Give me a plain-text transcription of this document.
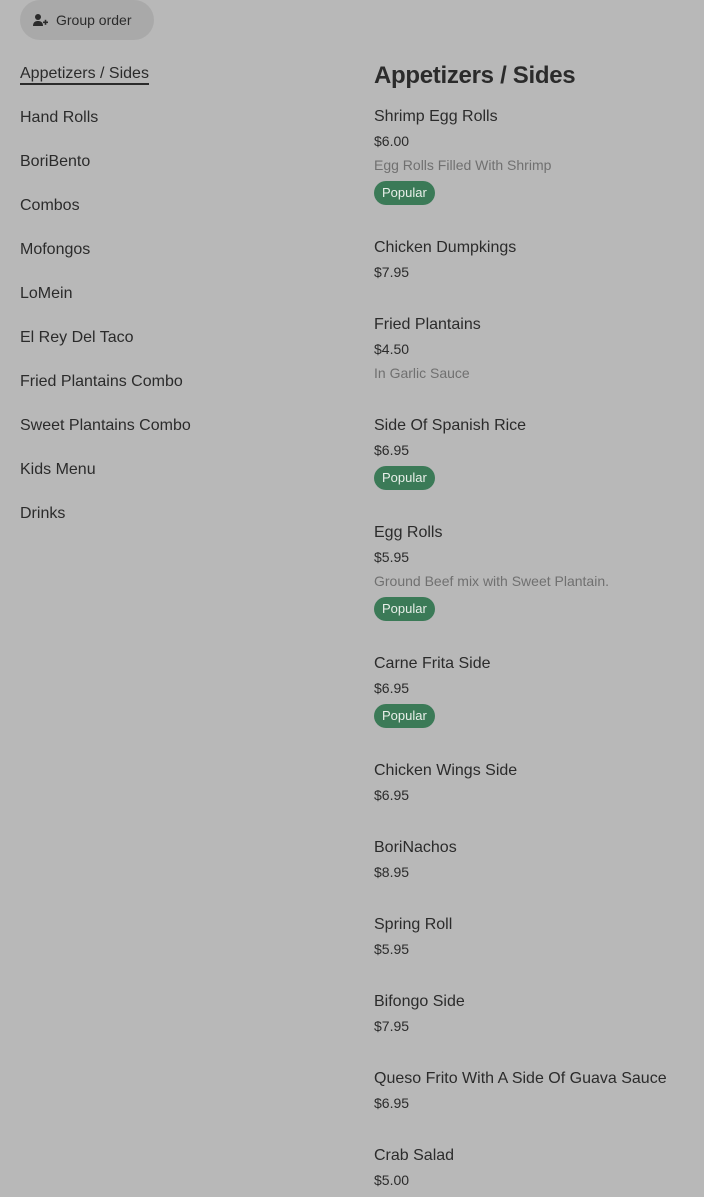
Group order
Appetizers / Sides
Hand Rolls
BoriBento
Combos
Mofongos
LoMein
El Rey Del Taco
Fried Plantains Combo
Sweet Plantains Combo
Kids Menu
Drinks
Appetizers / Sides
Shrimp Egg Rolls
$6.00
Egg Rolls Filled With Shrimp
Popular
Chicken Dumpkings
$7.95
Fried Plantains
$4.50
In Garlic Sauce
Side Of Spanish Rice
$6.95
Popular
Egg Rolls
$5.95
Ground Beef mix with Sweet Plantain.
Popular
Carne Frita Side
$6.95
Popular
Chicken Wings Side
$6.95
BoriNachos
$8.95
Spring Roll
$5.95
Bifongo Side
$7.95
Queso Frito With A Side Of Guava Sauce
$6.95
Crab Salad
$5.00
